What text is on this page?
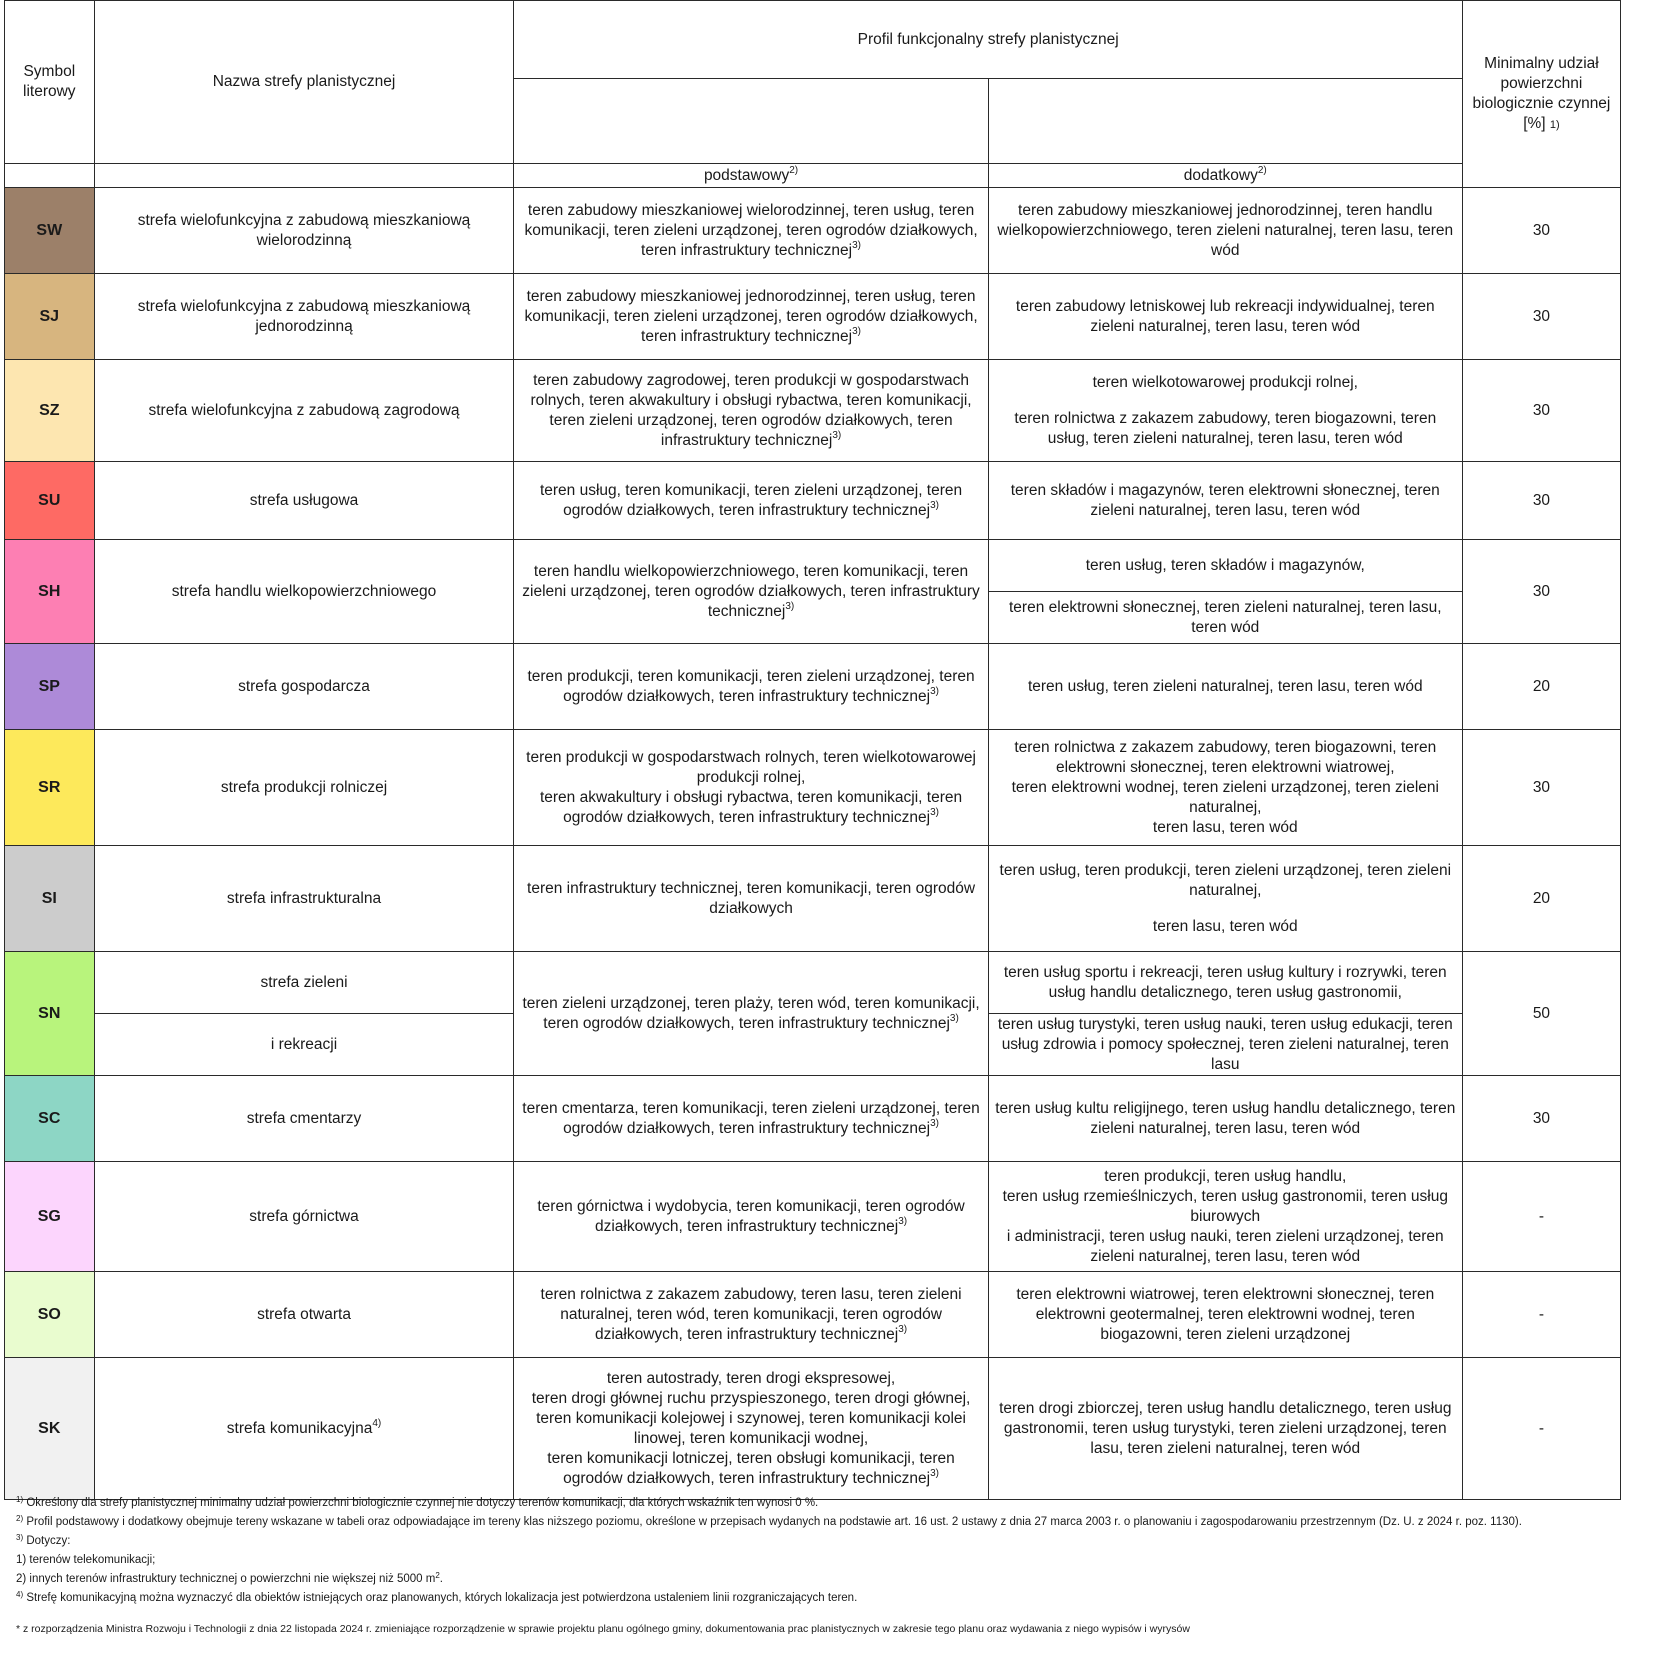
Symbol literowy	Nazwa strefy planistycznej	Profil funkcjonalny strefy planistycznej		Minimalny udział
powierzchni
biologicznie czynnej
[%] 1)

		podstawowy$^{2)}$	dodatkowy$^{2)}$
SW	strefa wielofunkcyjna z zabudową mieszkaniową wielorodzinną	teren zabudowy mieszkaniowej wielorodzinnej, teren usług, teren komunikacji, teren zieleni urządzonej, teren ogrodów działkowych, teren infrastruktury technicznej$^{3)}$	teren zabudowy mieszkaniowej jednorodzinnej, teren handlu wielkopowierzchniowego, teren zieleni naturalnej, teren lasu, teren wód	30
SJ	strefa wielofunkcyjna z zabudową mieszkaniową jednorodzinną	teren zabudowy mieszkaniowej jednorodzinnej, teren usług, teren komunikacji, teren zieleni urządzonej, teren ogrodów działkowych, teren infrastruktury technicznej$^{3)}$	teren zabudowy letniskowej lub rekreacji indywidualnej, teren zieleni naturalnej, teren lasu, teren wód	30
SZ	strefa wielofunkcyjna z zabudową zagrodową	teren zabudowy zagrodowej, teren produkcji w gospodarstwach rolnych, teren akwakultury i obsługi rybactwa, teren komunikacji, teren zieleni urządzonej, teren ogrodów działkowych, teren infrastruktury technicznej$^{3)}$	teren wielkotowarowej produkcji rolnej,
teren rolnictwa z zakazem zabudowy, teren biogazowni, teren usług, teren zieleni naturalnej, teren lasu, teren wód	30
SU	strefa usługowa	teren usług, teren komunikacji, teren zieleni urządzonej, teren ogrodów działkowych, teren infrastruktury technicznej$^{3)}$	teren składów i magazynów, teren elektrowni słonecznej, teren zieleni naturalnej, teren lasu, teren wód	30
SH	strefa handlu wielkopowierzchniowego	teren handlu wielkopowierzchniowego, teren komunikacji, teren zieleni urządzonej, teren ogrodów działkowych, teren infrastruktury technicznej$^{3)}$	teren usług, teren składów i magazynów,	30
			teren elektrowni słonecznej, teren zieleni naturalnej, teren lasu, teren wód	
SP	strefa gospodarcza	teren produkcji, teren komunikacji, teren zieleni urządzonej, teren ogrodów działkowych, teren infrastruktury technicznej$^{3)}$	teren usług, teren zieleni naturalnej, teren lasu, teren wód	20
SR	strefa produkcji rolniczej	teren produkcji w gospodarstwach rolnych, teren wielkotowarowej produkcji rolnej,
teren akwakultury i obsługi rybactwa, teren komunikacji, teren ogrodów działkowych, teren infrastruktury technicznej$^{3)}$	teren rolnictwa z zakazem zabudowy, teren biogazowni, teren elektrowni słonecznej, teren elektrowni wiatrowej,
teren elektrowni wodnej, teren zieleni urządzonej, teren zieleni naturalnej,
teren lasu, teren wód	30
SI	strefa infrastrukturalna	teren infrastruktury technicznej, teren komunikacji, teren ogrodów działkowych	teren usług, teren produkcji, teren zieleni urządzonej, teren zieleni naturalnej,
teren lasu, teren wód	20
SN	strefa zieleni	teren zieleni urządzonej, teren plaży, teren wód, teren komunikacji, teren ogrodów działkowych, teren infrastruktury technicznej$^{3)}$	teren usług sportu i rekreacji, teren usług kultury i rozrywki, teren usług handlu detalicznego, teren usług gastronomii,	50
	i rekreacji		teren usług turystyki, teren usług nauki, teren usług edukacji, teren usług zdrowia i pomocy społecznej, teren zieleni naturalnej, teren lasu	
SC	strefa cmentarzy	teren cmentarza, teren komunikacji, teren zieleni urządzonej, teren ogrodów działkowych, teren infrastruktury technicznej$^{3)}$	teren usług kultu religijnego, teren usług handlu detalicznego, teren zieleni naturalnej, teren lasu, teren wód	30
SG	strefa górnictwa	teren górnictwa i wydobycia, teren komunikacji, teren ogrodów działkowych, teren infrastruktury technicznej$^{3)}$	teren produkcji, teren usług handlu,
teren usług rzemieślniczych, teren usług gastronomii, teren usług biurowych
i administracji, teren usług nauki, teren zieleni urządzonej, teren zieleni naturalnej, teren lasu, teren wód	-
SO	strefa otwarta	teren rolnictwa z zakazem zabudowy, teren lasu, teren zieleni naturalnej, teren wód, teren komunikacji, teren ogrodów działkowych, teren infrastruktury technicznej$^{3)}$	teren elektrowni wiatrowej, teren elektrowni słonecznej, teren elektrowni geotermalnej, teren elektrowni wodnej, teren biogazowni, teren zieleni urządzonej	-
SK	strefa komunikacyjna$^{4)}$	teren autostrady, teren drogi ekspresowej,
teren drogi głównej ruchu przyspieszonego, teren drogi głównej, teren komunikacji kolejowej i szynowej, teren komunikacji kolei linowej, teren komunikacji wodnej,
teren komunikacji lotniczej, teren obsługi komunikacji, teren ogrodów działkowych, teren infrastruktury technicznej$^{3)}$	teren drogi zbiorczej, teren usług handlu detalicznego, teren usług gastronomii, teren usług turystyki, teren zieleni urządzonej, teren lasu, teren zieleni naturalnej, teren wód	-
$^{1)}$ Określony dla strefy planistycznej minimalny udział powierzchni biologicznie czynnej nie dotyczy terenów komunikacji, dla których wskaźnik ten wynosi 0 %.
$^{2)}$ Profil podstawowy i dodatkowy obejmuje tereny wskazane w tabeli oraz odpowiadające im tereny klas niższego poziomu, określone w przepisach wydanych na podstawie art. 16 ust. 2 ustawy z dnia 27 marca 2003 r. o planowaniu i zagospodarowaniu przestrzennym (Dz. U. z 2024 r. poz. 1130).
$^{3)}$ Dotyczy:
1) terenów telekomunikacji;
2) innych terenów infrastruktury technicznej o powierzchni nie większej niż 5000 m$^2$.
$^{4)}$ Strefę komunikacyjną można wyznaczyć dla obiektów istniejących oraz planowanych, których lokalizacja jest potwierdzona ustaleniem linii rozgraniczających teren.
* z rozporządzenia Ministra Rozwoju i Technologii z dnia 22 listopada 2024 r. zmieniające rozporządzenie w sprawie projektu planu ogólnego gminy, dokumentowania prac planistycznych w zakresie tego planu oraz wydawania z niego wypisów i wyrysów
